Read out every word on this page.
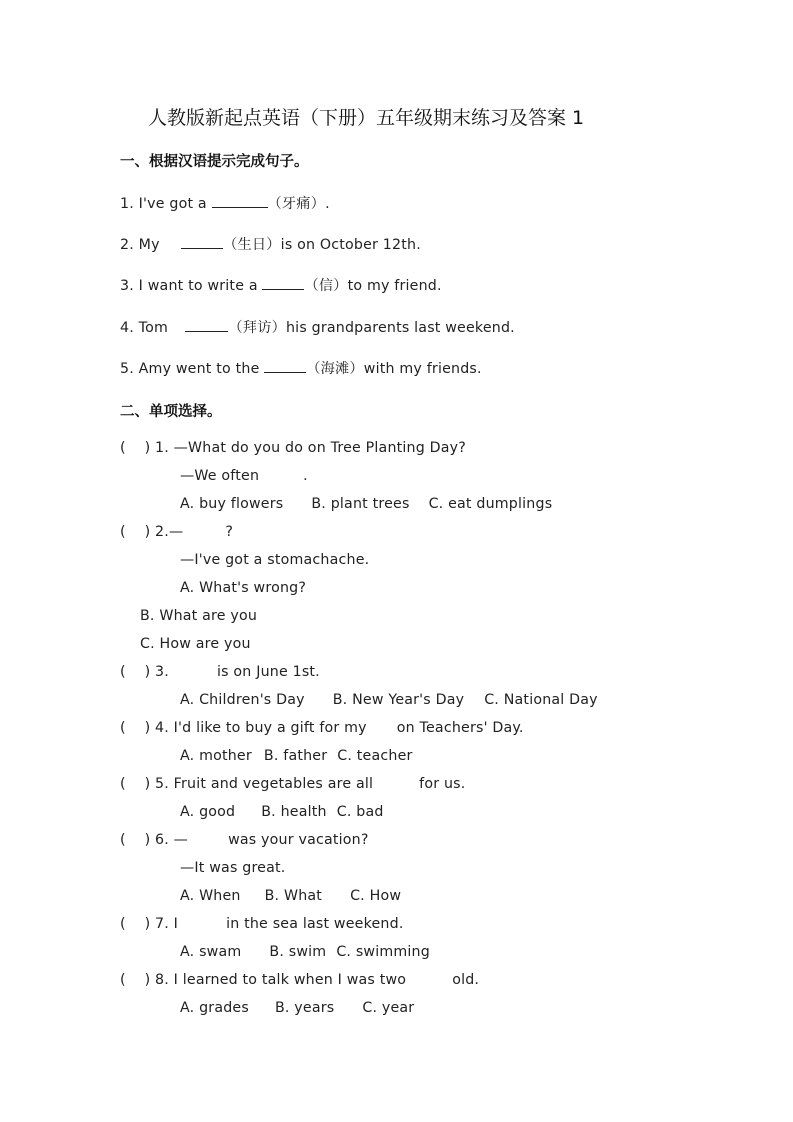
人教版新起点英语（下册）五年级期末练习及答案 1
一、根据汉语提示完成句子。
1. I've got a	（牙痛）.
2. My	（生日）is on October 12th.
3. I want to write a	（信）to my friend.
4. Tom	（拜访）his grandparents last weekend.
5. Amy went to the	（海滩）with my friends.
二、单项选择。
(    ) 1. —What do you do on Tree Planting Day?
—We often	.
A. buy flowers B. plant trees C. eat dumplings
(    ) 2.—	?
—I've got a stomachache.
A. What's wrong?
B. What are you
C. How are you
(    ) 3.	is on June 1st.
A. Children's Day B. New Year's Day C. National Day
(    ) 4. I'd like to buy a gift for my on Teachers' Day.
A. mother B. father C. teacher
(    ) 5. Fruit and vegetables are all	for us.
A. good B. health C. bad
(    ) 6. —	was your vacation?
—It was great.
A. When B. What C. How
(    ) 7. I	in the sea last weekend.
A. swam B. swim C. swimming
(    ) 8. I learned to talk when I was two	old.
A. grades B. years C. year
